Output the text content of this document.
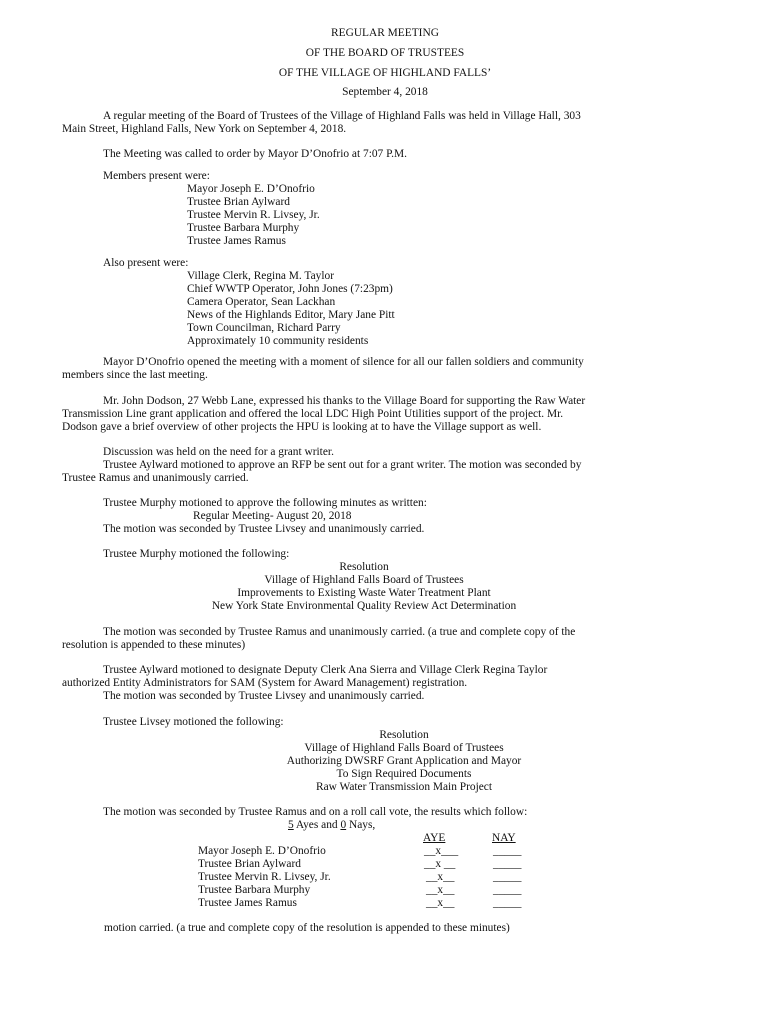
REGULAR MEETING
OF THE BOARD OF TRUSTEES
OF THE VILLAGE OF HIGHLAND FALLS’
September 4, 2018
A regular meeting of the Board of Trustees of the Village of Highland Falls was held in Village Hall, 303
Main Street, Highland Falls, New York on September 4, 2018.
The Meeting was called to order by Mayor D’Onofrio at 7:07 P.M.
Members present were:
Mayor Joseph E. D’Onofrio
Trustee Brian Aylward
Trustee Mervin R. Livsey, Jr.
Trustee Barbara Murphy
Trustee James Ramus
Also present were:
Village Clerk, Regina M. Taylor
Chief WWTP Operator, John Jones (7:23pm)
Camera Operator, Sean Lackhan
News of the Highlands Editor, Mary Jane Pitt
Town Councilman, Richard Parry
Approximately 10 community residents
Mayor D’Onofrio opened the meeting with a moment of silence for all our fallen soldiers and community
members since the last meeting.
Mr. John Dodson, 27 Webb Lane, expressed his thanks to the Village Board for supporting the Raw Water
Transmission Line grant application and offered the local LDC High Point Utilities support of the project. Mr.
Dodson gave a brief overview of other projects the HPU is looking at to have the Village support as well.
Discussion was held on the need for a grant writer.
Trustee Aylward motioned to approve an RFP be sent out for a grant writer. The motion was seconded by
Trustee Ramus and unanimously carried.
Trustee Murphy motioned to approve the following minutes as written:
Regular Meeting- August 20, 2018
The motion was seconded by Trustee Livsey and unanimously carried.
Trustee Murphy motioned the following:
Resolution
Village of Highland Falls Board of Trustees
Improvements to Existing Waste Water Treatment Plant
New York State Environmental Quality Review Act Determination
The motion was seconded by Trustee Ramus and unanimously carried. (a true and complete copy of the
resolution is appended to these minutes)
Trustee Aylward motioned to designate Deputy Clerk Ana Sierra and Village Clerk Regina Taylor
authorized Entity Administrators for SAM (System for Award Management) registration.
The motion was seconded by Trustee Livsey and unanimously carried.
Trustee Livsey motioned the following:
Resolution
Village of Highland Falls Board of Trustees
Authorizing DWSRF Grant Application and Mayor
To Sign Required Documents
Raw Water Transmission Main Project
The motion was seconded by Trustee Ramus and on a roll call vote, the results which follow:
5 Ayes and 0 Nays,
AYE	NAY
Mayor Joseph E. D’Onofrio	__x___	_____
Trustee Brian Aylward	__x __	_____
Trustee Mervin R. Livsey, Jr.	__x__	_____
Trustee Barbara Murphy	__x__	_____
Trustee James Ramus	__x__	_____
motion carried. (a true and complete copy of the resolution is appended to these minutes)
